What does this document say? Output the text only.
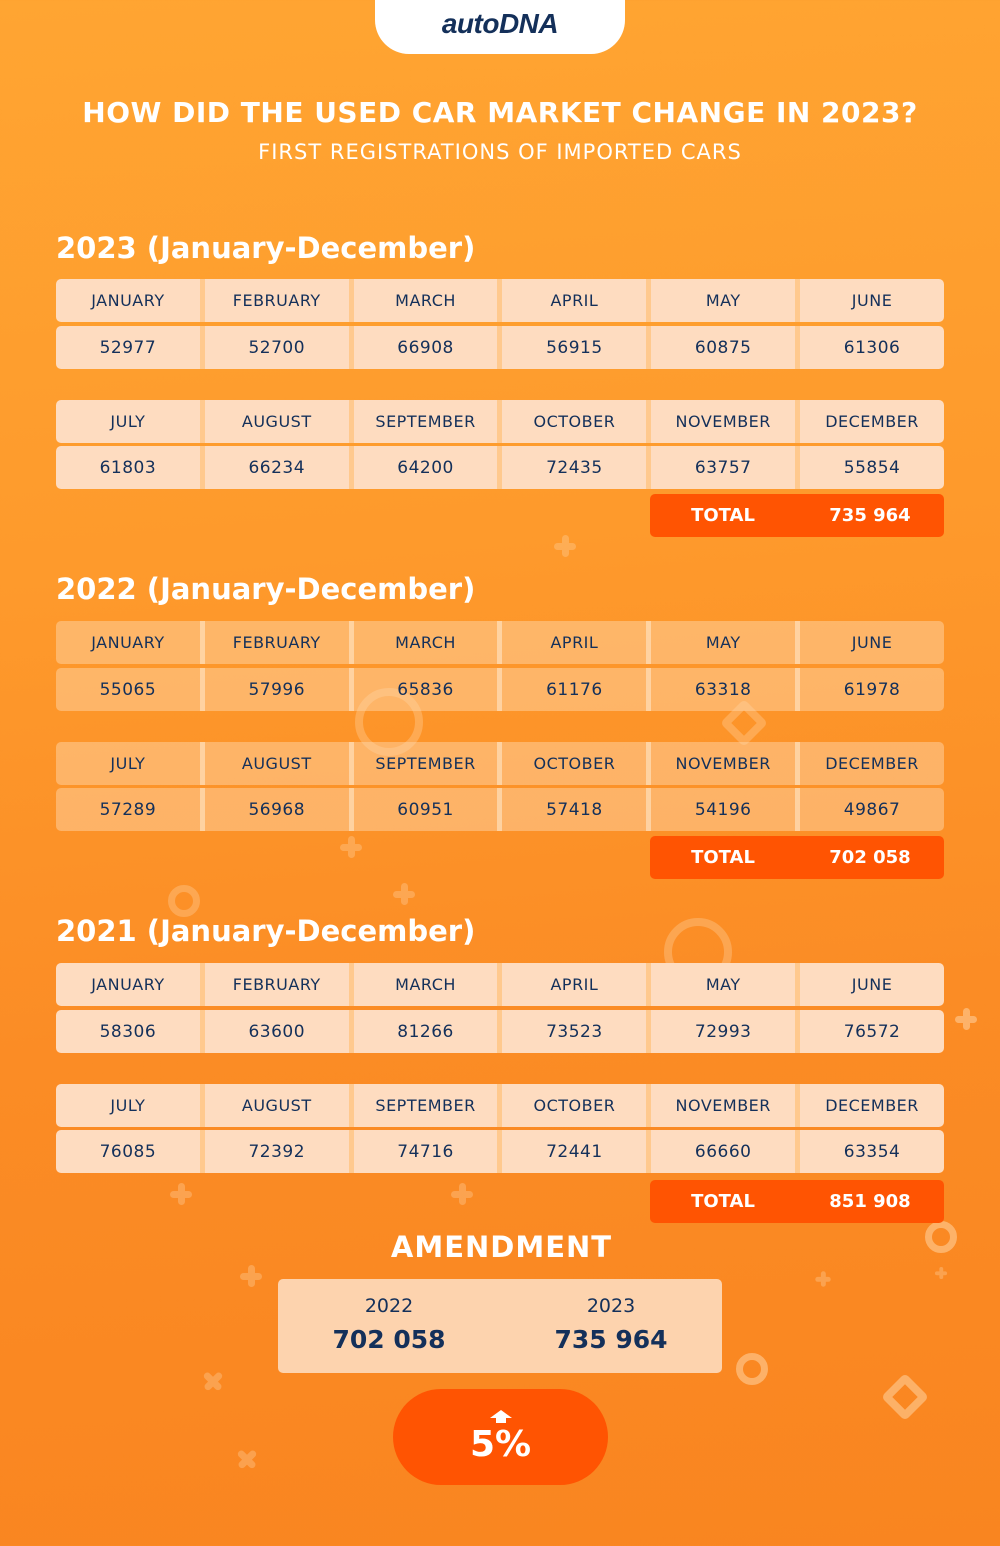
autoDNA
HOW DID THE USED CAR MARKET CHANGE IN 2023?
FIRST REGISTRATIONS OF IMPORTED CARS
2023 (January-December)
JANUARY	FEBRUARY	MARCH	APRIL	MAY	JUNE
52977	52700	66908	56915	60875	61306
JULY	AUGUST	SEPTEMBER	OCTOBER	NOVEMBER	DECEMBER
61803	66234	64200	72435	63757	55854
TOTAL	735 964
2022 (January-December)
JANUARY	FEBRUARY	MARCH	APRIL	MAY	JUNE
55065	57996	65836	61176	63318	61978
JULY	AUGUST	SEPTEMBER	OCTOBER	NOVEMBER	DECEMBER
57289	56968	60951	57418	54196	49867
TOTAL	702 058
2021 (January-December)
JANUARY	FEBRUARY	MARCH	APRIL	MAY	JUNE
58306	63600	81266	73523	72993	76572
JULY	AUGUST	SEPTEMBER	OCTOBER	NOVEMBER	DECEMBER
76085	72392	74716	72441	66660	63354
TOTAL	851 908
AMENDMENT
2022
702 058
2023
735 964
5%
